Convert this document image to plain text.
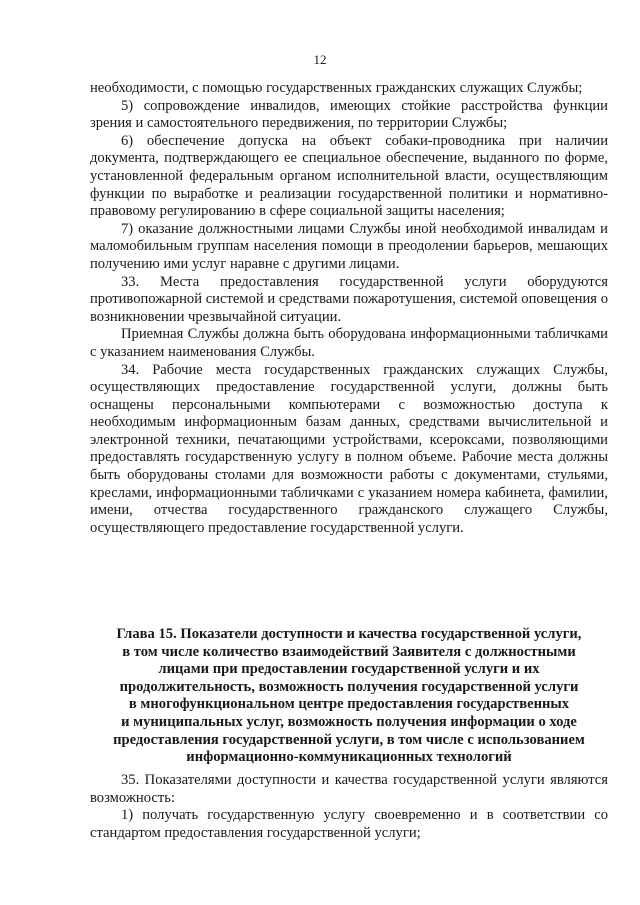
12

необходимости, с помощью государственных гражданских служащих Службы;

5) сопровождение инвалидов, имеющих стойкие расстройства функции зрения и самостоятельного передвижения, по территории Службы;

6) обеспечение допуска на объект собаки-проводника при наличии документа, подтверждающего ее специальное обеспечение, выданного по форме, установленной федеральным органом исполнительной власти, осуществляющим функции по выработке и реализации государственной политики и нормативно-правовому регулированию в сфере социальной защиты населения;

7) оказание должностными лицами Службы иной необходимой инвалидам и маломобильным группам населения помощи в преодолении барьеров, мешающих получению ими услуг наравне с другими лицами.

33. Места предоставления государственной услуги оборудуются противопожарной системой и средствами пожаротушения, системой оповещения о возникновении чрезвычайной ситуации.

Приемная Службы должна быть оборудована информационными табличками с указанием наименования Службы.

34. Рабочие места государственных гражданских служащих Службы, осуществляющих предоставление государственной услуги, должны быть оснащены персональными компьютерами с возможностью доступа к необходимым информационным базам данных, средствами вычислительной и электронной техники, печатающими устройствами, ксероксами, позволяющими предоставлять государственную услугу в полном объеме. Рабочие места должны быть оборудованы столами для возможности работы с документами, стульями, креслами, информационными табличками с указанием номера кабинета, фамилии, имени, отчества государственного гражданского служащего Службы, осуществляющего предоставление государственной услуги.

Глава 15. Показатели доступности и качества государственной услуги,
в том числе количество взаимодействий Заявителя с должностными
лицами при предоставлении государственной услуги и их
продолжительность, возможность получения государственной услуги
в многофункциональном центре предоставления государственных
и муниципальных услуг, возможность получения информации о ходе
предоставления государственной услуги, в том числе с использованием
информационно-коммуникационных технологий

35. Показателями доступности и качества государственной услуги являются возможность:

1) получать государственную услугу своевременно и в соответствии со стандартом предоставления государственной услуги;
